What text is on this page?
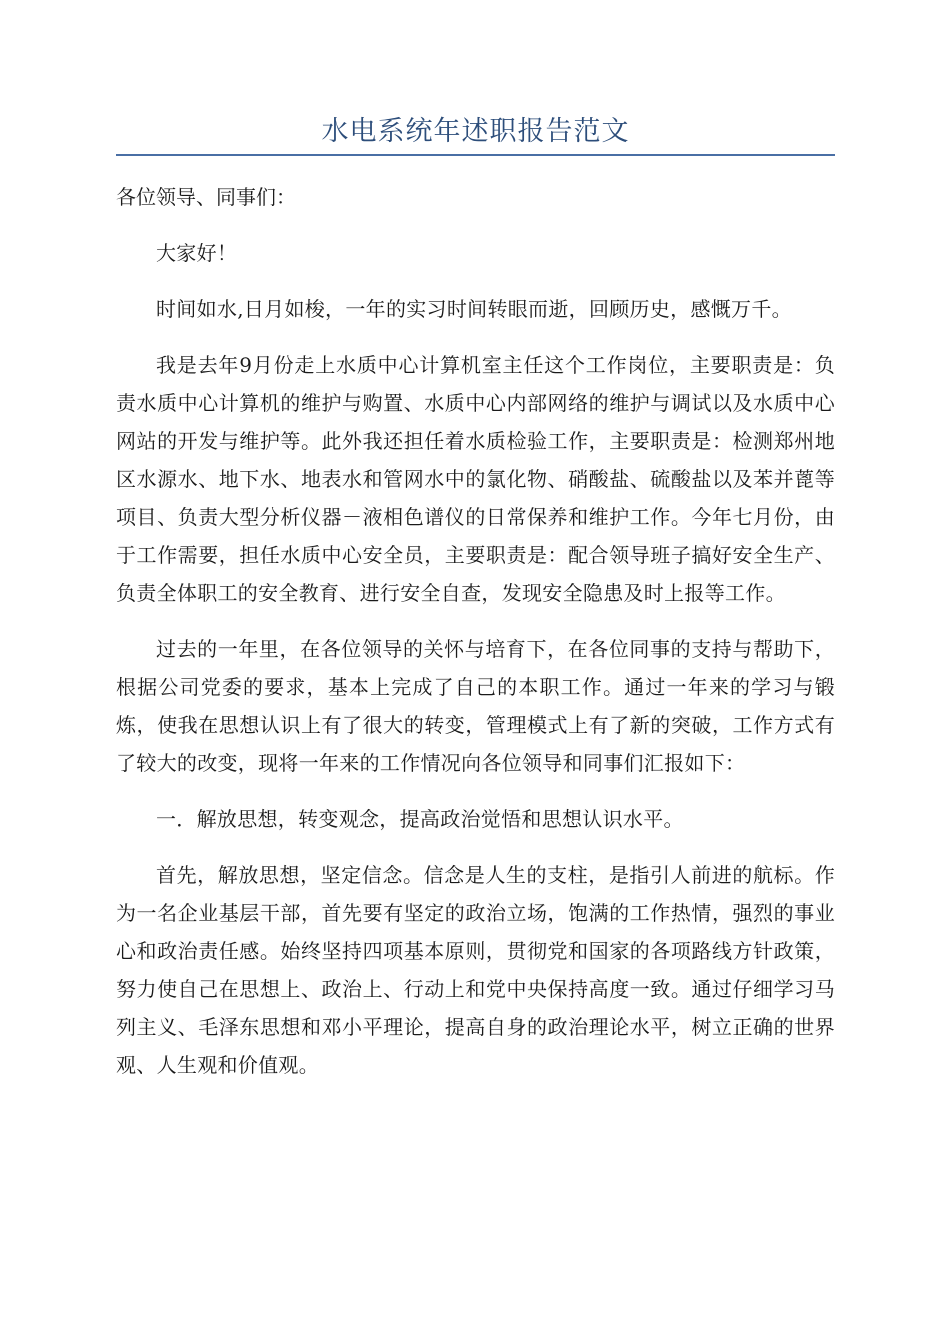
水电系统年述职报告范文

各位领导、同事们：

大家好！

时间如水,日月如梭，一年的实习时间转眼而逝，回顾历史，感慨万千。

我是去年9月份走上水质中心计算机室主任这个工作岗位，主要职责是：负责水质中心计算机的维护与购置、水质中心内部网络的维护与调试以及水质中心网站的开发与维护等。此外我还担任着水质检验工作，主要职责是：检测郑州地区水源水、地下水、地表水和管网水中的氯化物、硝酸盐、硫酸盐以及苯并蓖等项目、负责大型分析仪器－液相色谱仪的日常保养和维护工作。今年七月份，由于工作需要，担任水质中心安全员，主要职责是：配合领导班子搞好安全生产、负责全体职工的安全教育、进行安全自查，发现安全隐患及时上报等工作。

过去的一年里，在各位领导的关怀与培育下，在各位同事的支持与帮助下，根据公司党委的要求，基本上完成了自己的本职工作。通过一年来的学习与锻炼，使我在思想认识上有了很大的转变，管理模式上有了新的突破，工作方式有了较大的改变，现将一年来的工作情况向各位领导和同事们汇报如下：

一．解放思想，转变观念，提高政治觉悟和思想认识水平。

首先，解放思想，坚定信念。信念是人生的支柱，是指引人前进的航标。作为一名企业基层干部，首先要有坚定的政治立场，饱满的工作热情，强烈的事业心和政治责任感。始终坚持四项基本原则，贯彻党和国家的各项路线方针政策，努力使自己在思想上、政治上、行动上和党中央保持高度一致。通过仔细学习马列主义、毛泽东思想和邓小平理论，提高自身的政治理论水平，树立正确的世界观、人生观和价值观。
